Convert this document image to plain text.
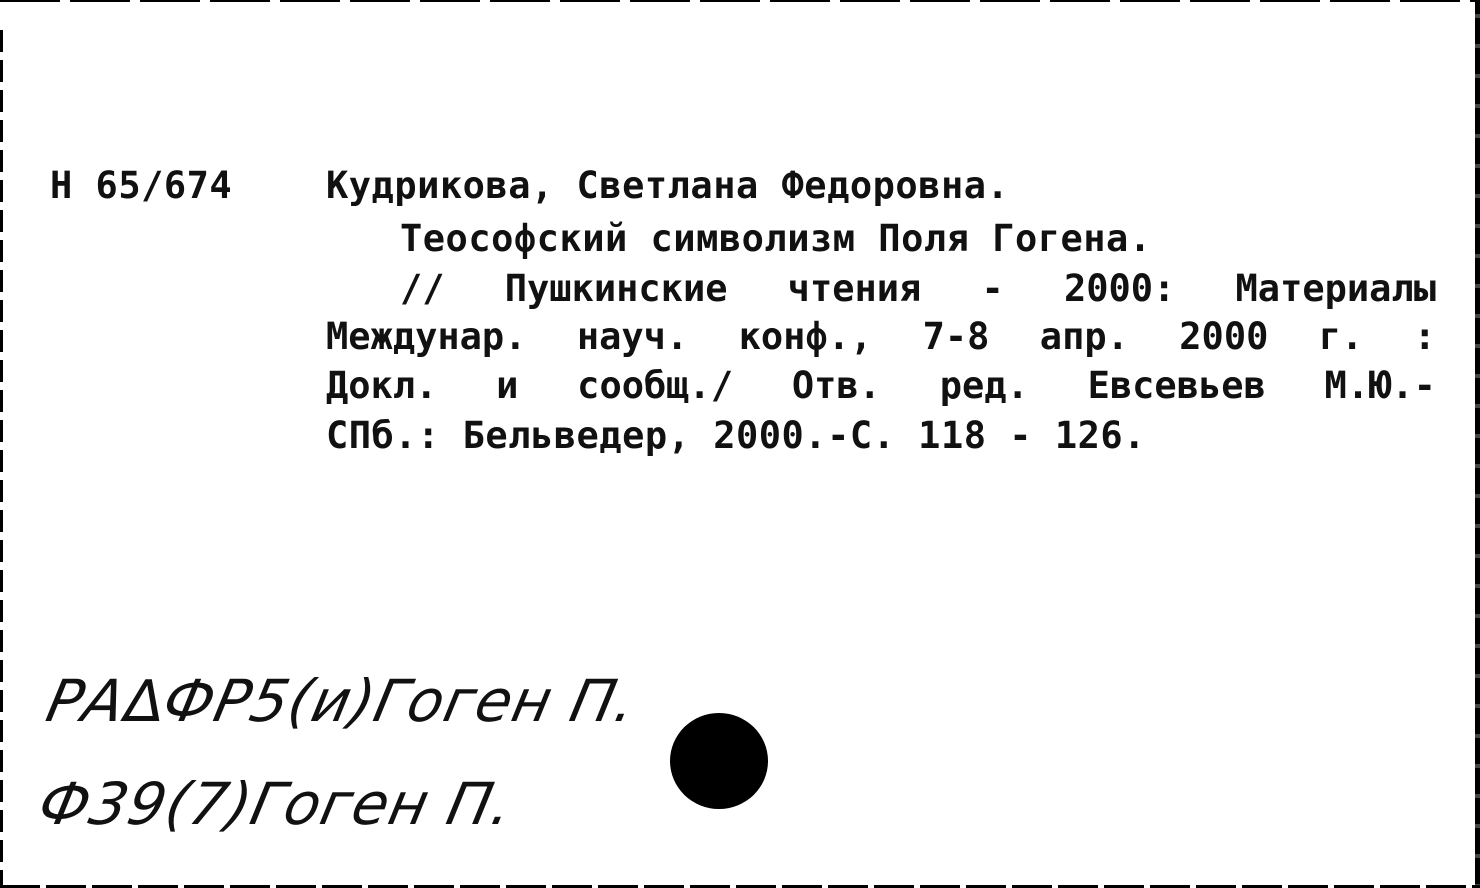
Н 65/674	Кудрикова, Светлана Федоровна.
Теософский символизм Поля Гогена.
// Пушкинские чтения - 2000: Материалы
Междунар. науч. конф., 7-8 апр. 2000 г. :
Докл. и сообщ./ Отв. ред. Евсевьев М.Ю.-
СПб.: Бельведер, 2000.-С. 118 - 126.
РА∆ФР5(и)Гоген П.
Ф39(7)Гоген П.
